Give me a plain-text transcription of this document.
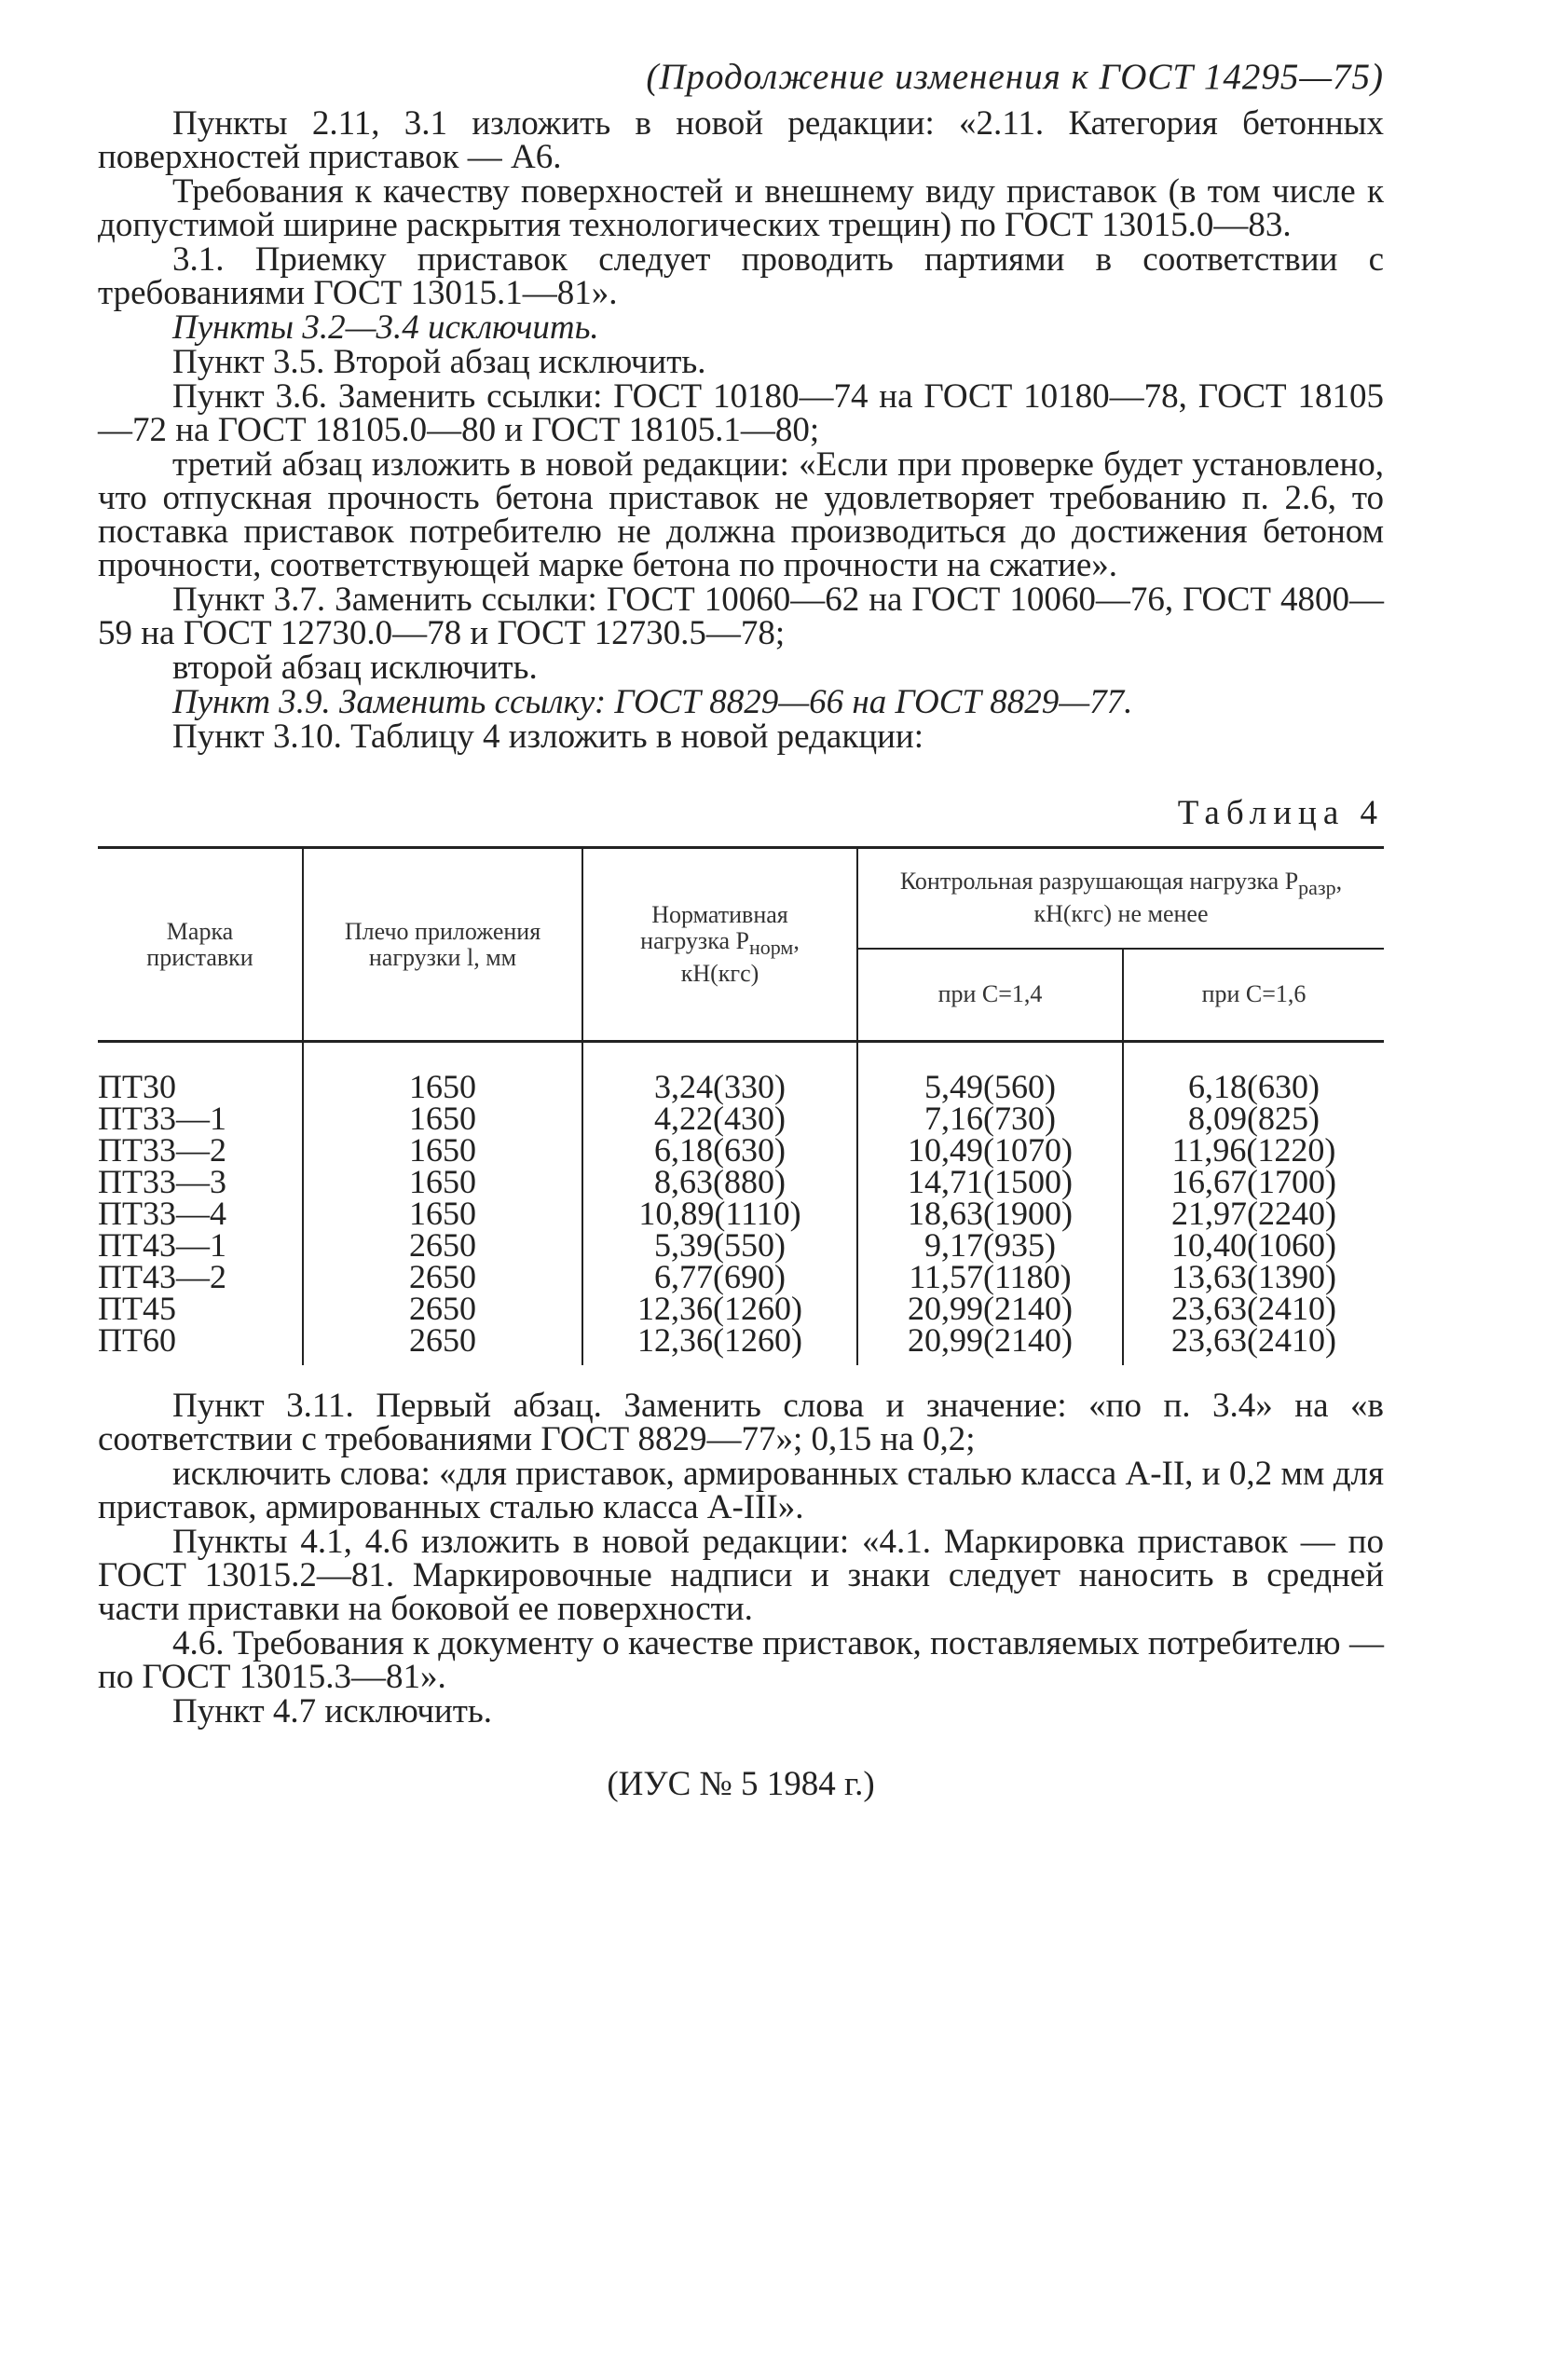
(Продолжение изменения к ГОСТ 14295—75)

Пункты 2.11, 3.1 изложить в новой редакции: «2.11. Категория бетонных поверхностей приставок — А6.

Требования к качеству поверхностей и внешнему виду приставок (в том числе к допустимой ширине раскрытия технологических трещин) по ГОСТ 13015.0—83.

3.1. Приемку приставок следует проводить партиями в соответствии с требованиями ГОСТ 13015.1—81».

Пункты 3.2—3.4 исключить.

Пункт 3.5. Второй абзац исключить.

Пункт 3.6. Заменить ссылки: ГОСТ 10180—74 на ГОСТ 10180—78, ГОСТ 18105—72 на ГОСТ 18105.0—80 и ГОСТ 18105.1—80;

третий абзац изложить в новой редакции: «Если при проверке будет установлено, что отпускная прочность бетона приставок не удовлетворяет требованию п. 2.6, то поставка приставок потребителю не должна производиться до достижения бетоном прочности, соответствующей марке бетона по прочности на сжатие».

Пункт 3.7. Заменить ссылки: ГОСТ 10060—62 на ГОСТ 10060—76, ГОСТ 4800—59 на ГОСТ 12730.0—78 и ГОСТ 12730.5—78;

второй абзац исключить.

Пункт 3.9. Заменить ссылку: ГОСТ 8829—66 на ГОСТ 8829—77.

Пункт 3.10. Таблицу 4 изложить в новой редакции:

Таблица 4
Марка приставки	Плечо приложения нагрузки l, мм	Нормативная нагрузка $P_{норм}$, кН(кгс)	Контрольная разрушающая нагрузка $P_{разр}$, кН(кгс) не менее	
			при С=1,4	при С=1,6

ПТ30	1650	3,24(330)	5,49(560)	6,18(630)
ПТ33—1	1650	4,22(430)	7,16(730)	8,09(825)
ПТ33—2	1650	6,18(630)	10,49(1070)	11,96(1220)
ПТ33—3	1650	8,63(880)	14,71(1500)	16,67(1700)
ПТ33—4	1650	10,89(1110)	18,63(1900)	21,97(2240)
ПТ43—1	2650	5,39(550)	9,17(935)	10,40(1060)
ПТ43—2	2650	6,77(690)	11,57(1180)	13,63(1390)
ПТ45	2650	12,36(1260)	20,99(2140)	23,63(2410)
ПТ60	2650	12,36(1260)	20,99(2140)	23,63(2410)

Пункт 3.11. Первый абзац. Заменить слова и значение: «по п. 3.4» на «в соответствии с требованиями ГОСТ 8829—77»; 0,15 на 0,2;

исключить слова: «для приставок, армированных сталью класса А-II, и 0,2 мм для приставок, армированных сталью класса А-III».

Пункты 4.1, 4.6 изложить в новой редакции: «4.1. Маркировка приставок — по ГОСТ 13015.2—81. Маркировочные надписи и знаки следует наносить в средней части приставки на боковой ее поверхности.

4.6. Требования к документу о качестве приставок, поставляемых потребителю — по ГОСТ 13015.3—81».

Пункт 4.7 исключить.

(ИУС № 5 1984 г.)
